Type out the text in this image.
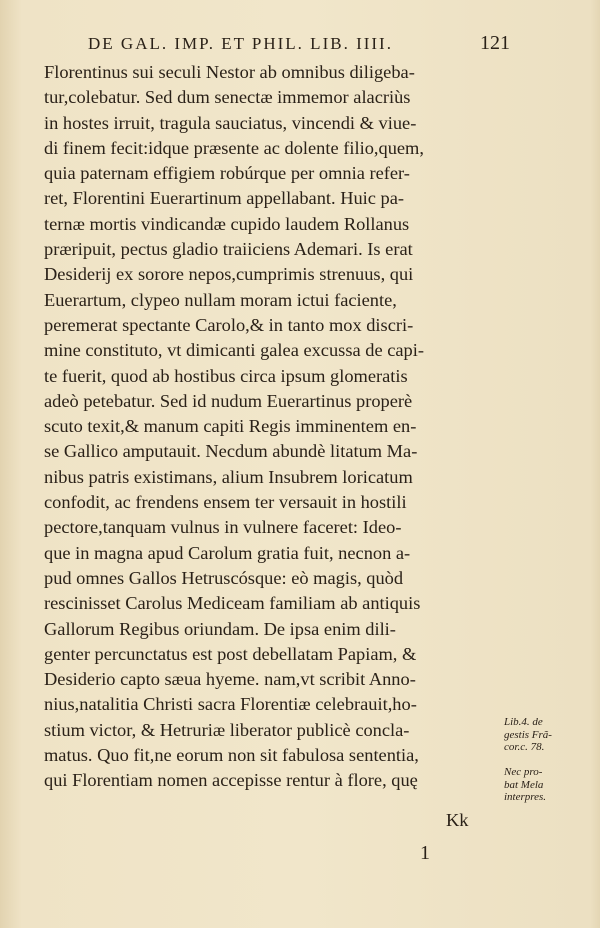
DE GAL. IMP. ET PHIL. LIB. IIII.	121
Florentinus sui seculi Nestor ab omnibus diligeba-
tur,colebatur. Sed dum senectæ immemor alacriùs
in hostes irruit, tragula sauciatus, vincendi & viue-
di finem fecit:idque præsente ac dolente filio,quem,
quia paternam effigiem robúrque per omnia refer-
ret, Florentini Euerartinum appellabant. Huic pa-
ternæ mortis vindicandæ cupido laudem Rollanus
præripuit, pectus gladio traiiciens Ademari. Is erat
Desiderij ex sorore nepos,cumprimis strenuus, qui
Euerartum, clypeo nullam moram ictui faciente,
peremerat spectante Carolo,& in tanto mox discri-
mine constituto, vt dimicanti galea excussa de capi-
te fuerit, quod ab hostibus circa ipsum glomeratis
adeò petebatur. Sed id nudum Euerartinus properè
scuto texit,& manum capiti Regis imminentem en-
se Gallico amputauit. Necdum abundè litatum Ma-
nibus patris existimans, alium Insubrem loricatum
confodit, ac frendens ensem ter versauit in hostili
pectore,tanquam vulnus in vulnere faceret: Ideo-
que in magna apud Carolum gratia fuit, necnon a-
pud omnes Gallos Hetruscósque: eò magis, quòd
rescinisset Carolus Mediceam familiam ab antiquis
Gallorum Regibus oriundam. De ipsa enim dili-
genter percunctatus est post debellatam Papiam, &
Desiderio capto sæua hyeme. nam,vt scribit Anno-
nius,natalitia Christi sacra Florentiæ celebrauit,ho-
stium victor, & Hetruriæ liberator publicè concla-
matus. Quo fit,ne eorum non sit fabulosa sententia,
qui Florentiam nomen accepisse rentur à flore, quę
Lib.4. de
gestis Frã-
cor.c. 78.
Nec pro-
bat Mela
interpres.
Kk
1
